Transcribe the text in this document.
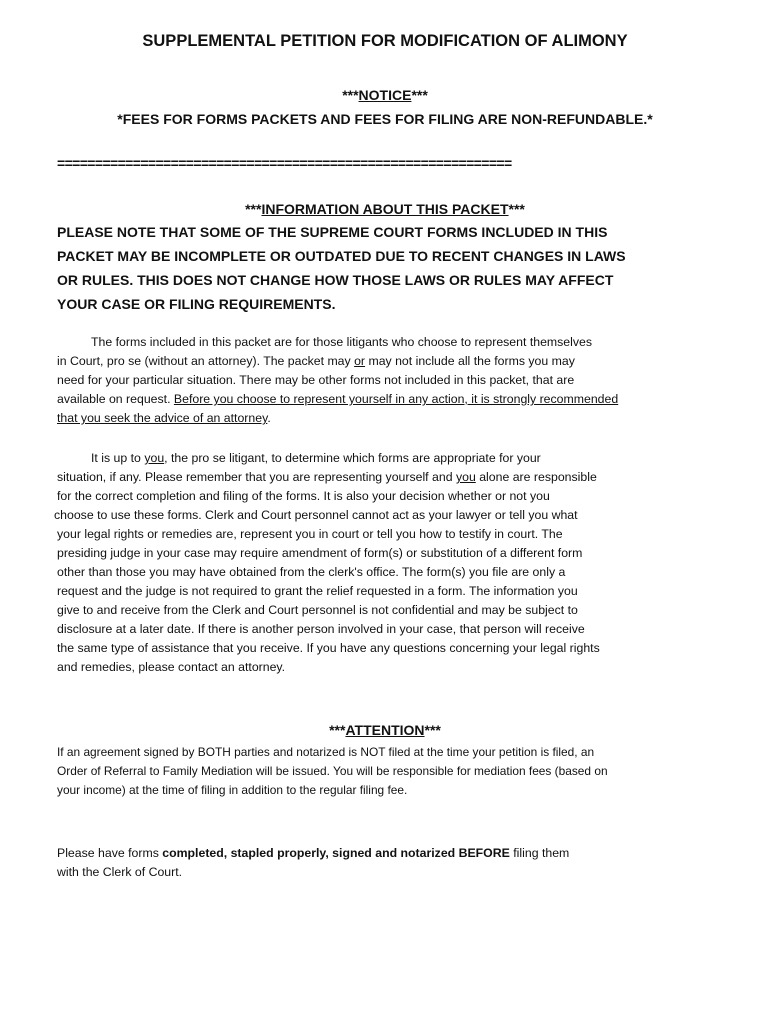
SUPPLEMENTAL PETITION FOR MODIFICATION OF ALIMONY
***NOTICE***
*FEES FOR FORMS PACKETS AND FEES FOR FILING ARE NON-REFUNDABLE.*
============================================================
***INFORMATION ABOUT THIS PACKET***
PLEASE NOTE THAT SOME OF THE SUPREME COURT FORMS INCLUDED IN THIS
PACKET MAY BE INCOMPLETE OR OUTDATED DUE TO RECENT CHANGES IN LAWS
OR RULES. THIS DOES NOT CHANGE HOW THOSE LAWS OR RULES MAY AFFECT
YOUR CASE OR FILING REQUIREMENTS.
The forms included in this packet are for those litigants who choose to represent themselves
in Court, pro se (without an attorney). The packet may or may not include all the forms you may
need for your particular situation. There may be other forms not included in this packet, that are
available on request. Before you choose to represent yourself in any action, it is strongly recommended
that you seek the advice of an attorney.
It is up to you, the pro se litigant, to determine which forms are appropriate for your
situation, if any. Please remember that you are representing yourself and you alone are responsible
for the correct completion and filing of the forms. It is also your decision whether or not you
choose to use these forms. Clerk and Court personnel cannot act as your lawyer or tell you what
your legal rights or remedies are, represent you in court or tell you how to testify in court. The
presiding judge in your case may require amendment of form(s) or substitution of a different form
other than those you may have obtained from the clerk's office. The form(s) you file are only a
request and the judge is not required to grant the relief requested in a form. The information you
give to and receive from the Clerk and Court personnel is not confidential and may be subject to
disclosure at a later date. If there is another person involved in your case, that person will receive
the same type of assistance that you receive. If you have any questions concerning your legal rights
and remedies, please contact an attorney.
***ATTENTION***
If an agreement signed by BOTH parties and notarized is NOT filed at the time your petition is filed, an
Order of Referral to Family Mediation will be issued. You will be responsible for mediation fees (based on
your income) at the time of filing in addition to the regular filing fee.
Please have forms completed, stapled properly, signed and notarized BEFORE filing them
with the Clerk of Court.
